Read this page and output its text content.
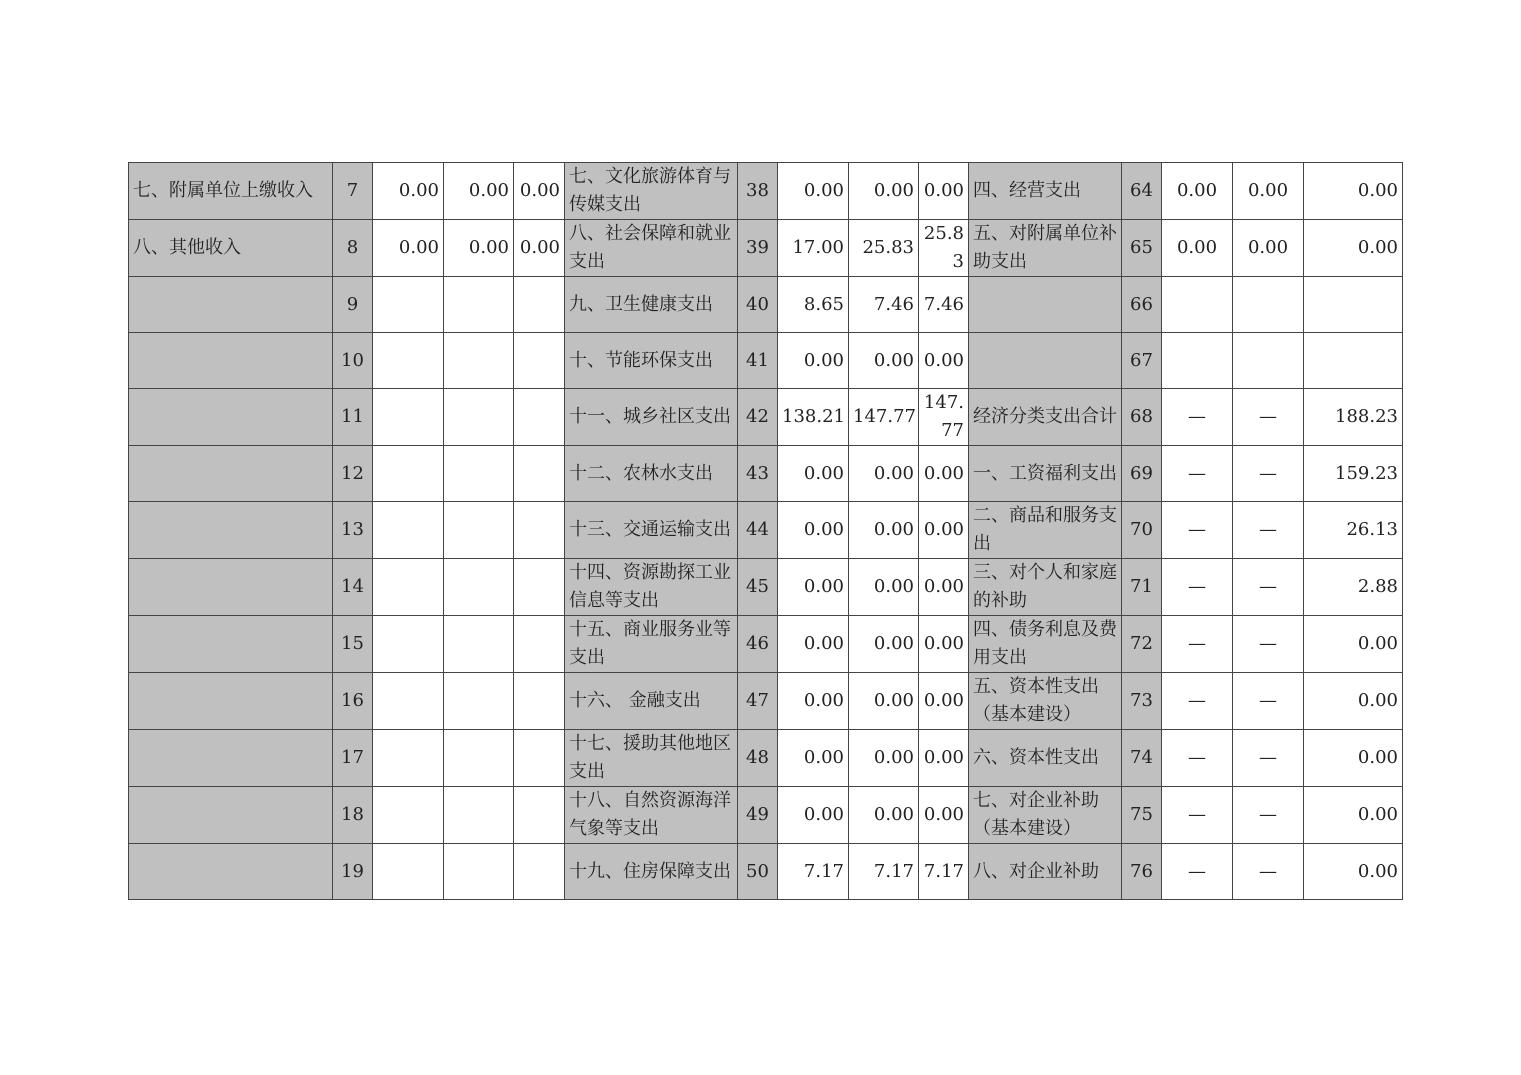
七、附属单位上缴收入	7	0.00	0.00	0.00	七、文化旅游体育与传媒支出	38	0.00	0.00	0.00	四、经营支出	64	0.00	0.00	0.00
八、其他收入	8	0.00	0.00	0.00	八、社会保障和就业支出	39	17.00	25.83	25.83	五、对附属单位补助支出	65	0.00	0.00	0.00
	9				九、卫生健康支出	40	8.65	7.46	7.46		66			
	10				十、节能环保支出	41	0.00	0.00	0.00		67			
	11				十一、城乡社区支出	42	138.21	147.77	147.77	经济分类支出合计	68	—	—	188.23
	12				十二、农林水支出	43	0.00	0.00	0.00	一、工资福利支出	69	—	—	159.23
	13				十三、交通运输支出	44	0.00	0.00	0.00	二、商品和服务支出	70	—	—	26.13
	14				十四、资源勘探工业信息等支出	45	0.00	0.00	0.00	三、对个人和家庭的补助	71	—	—	2.88
	15				十五、商业服务业等支出	46	0.00	0.00	0.00	四、债务利息及费用支出	72	—	—	0.00
	16				十六、 金融支出	47	0.00	0.00	0.00	五、资本性支出（基本建设）	73	—	—	0.00
	17				十七、援助其他地区支出	48	0.00	0.00	0.00	六、资本性支出	74	—	—	0.00
	18				十八、自然资源海洋气象等支出	49	0.00	0.00	0.00	七、对企业补助（基本建设）	75	—	—	0.00
	19				十九、住房保障支出	50	7.17	7.17	7.17	八、对企业补助	76	—	—	0.00
